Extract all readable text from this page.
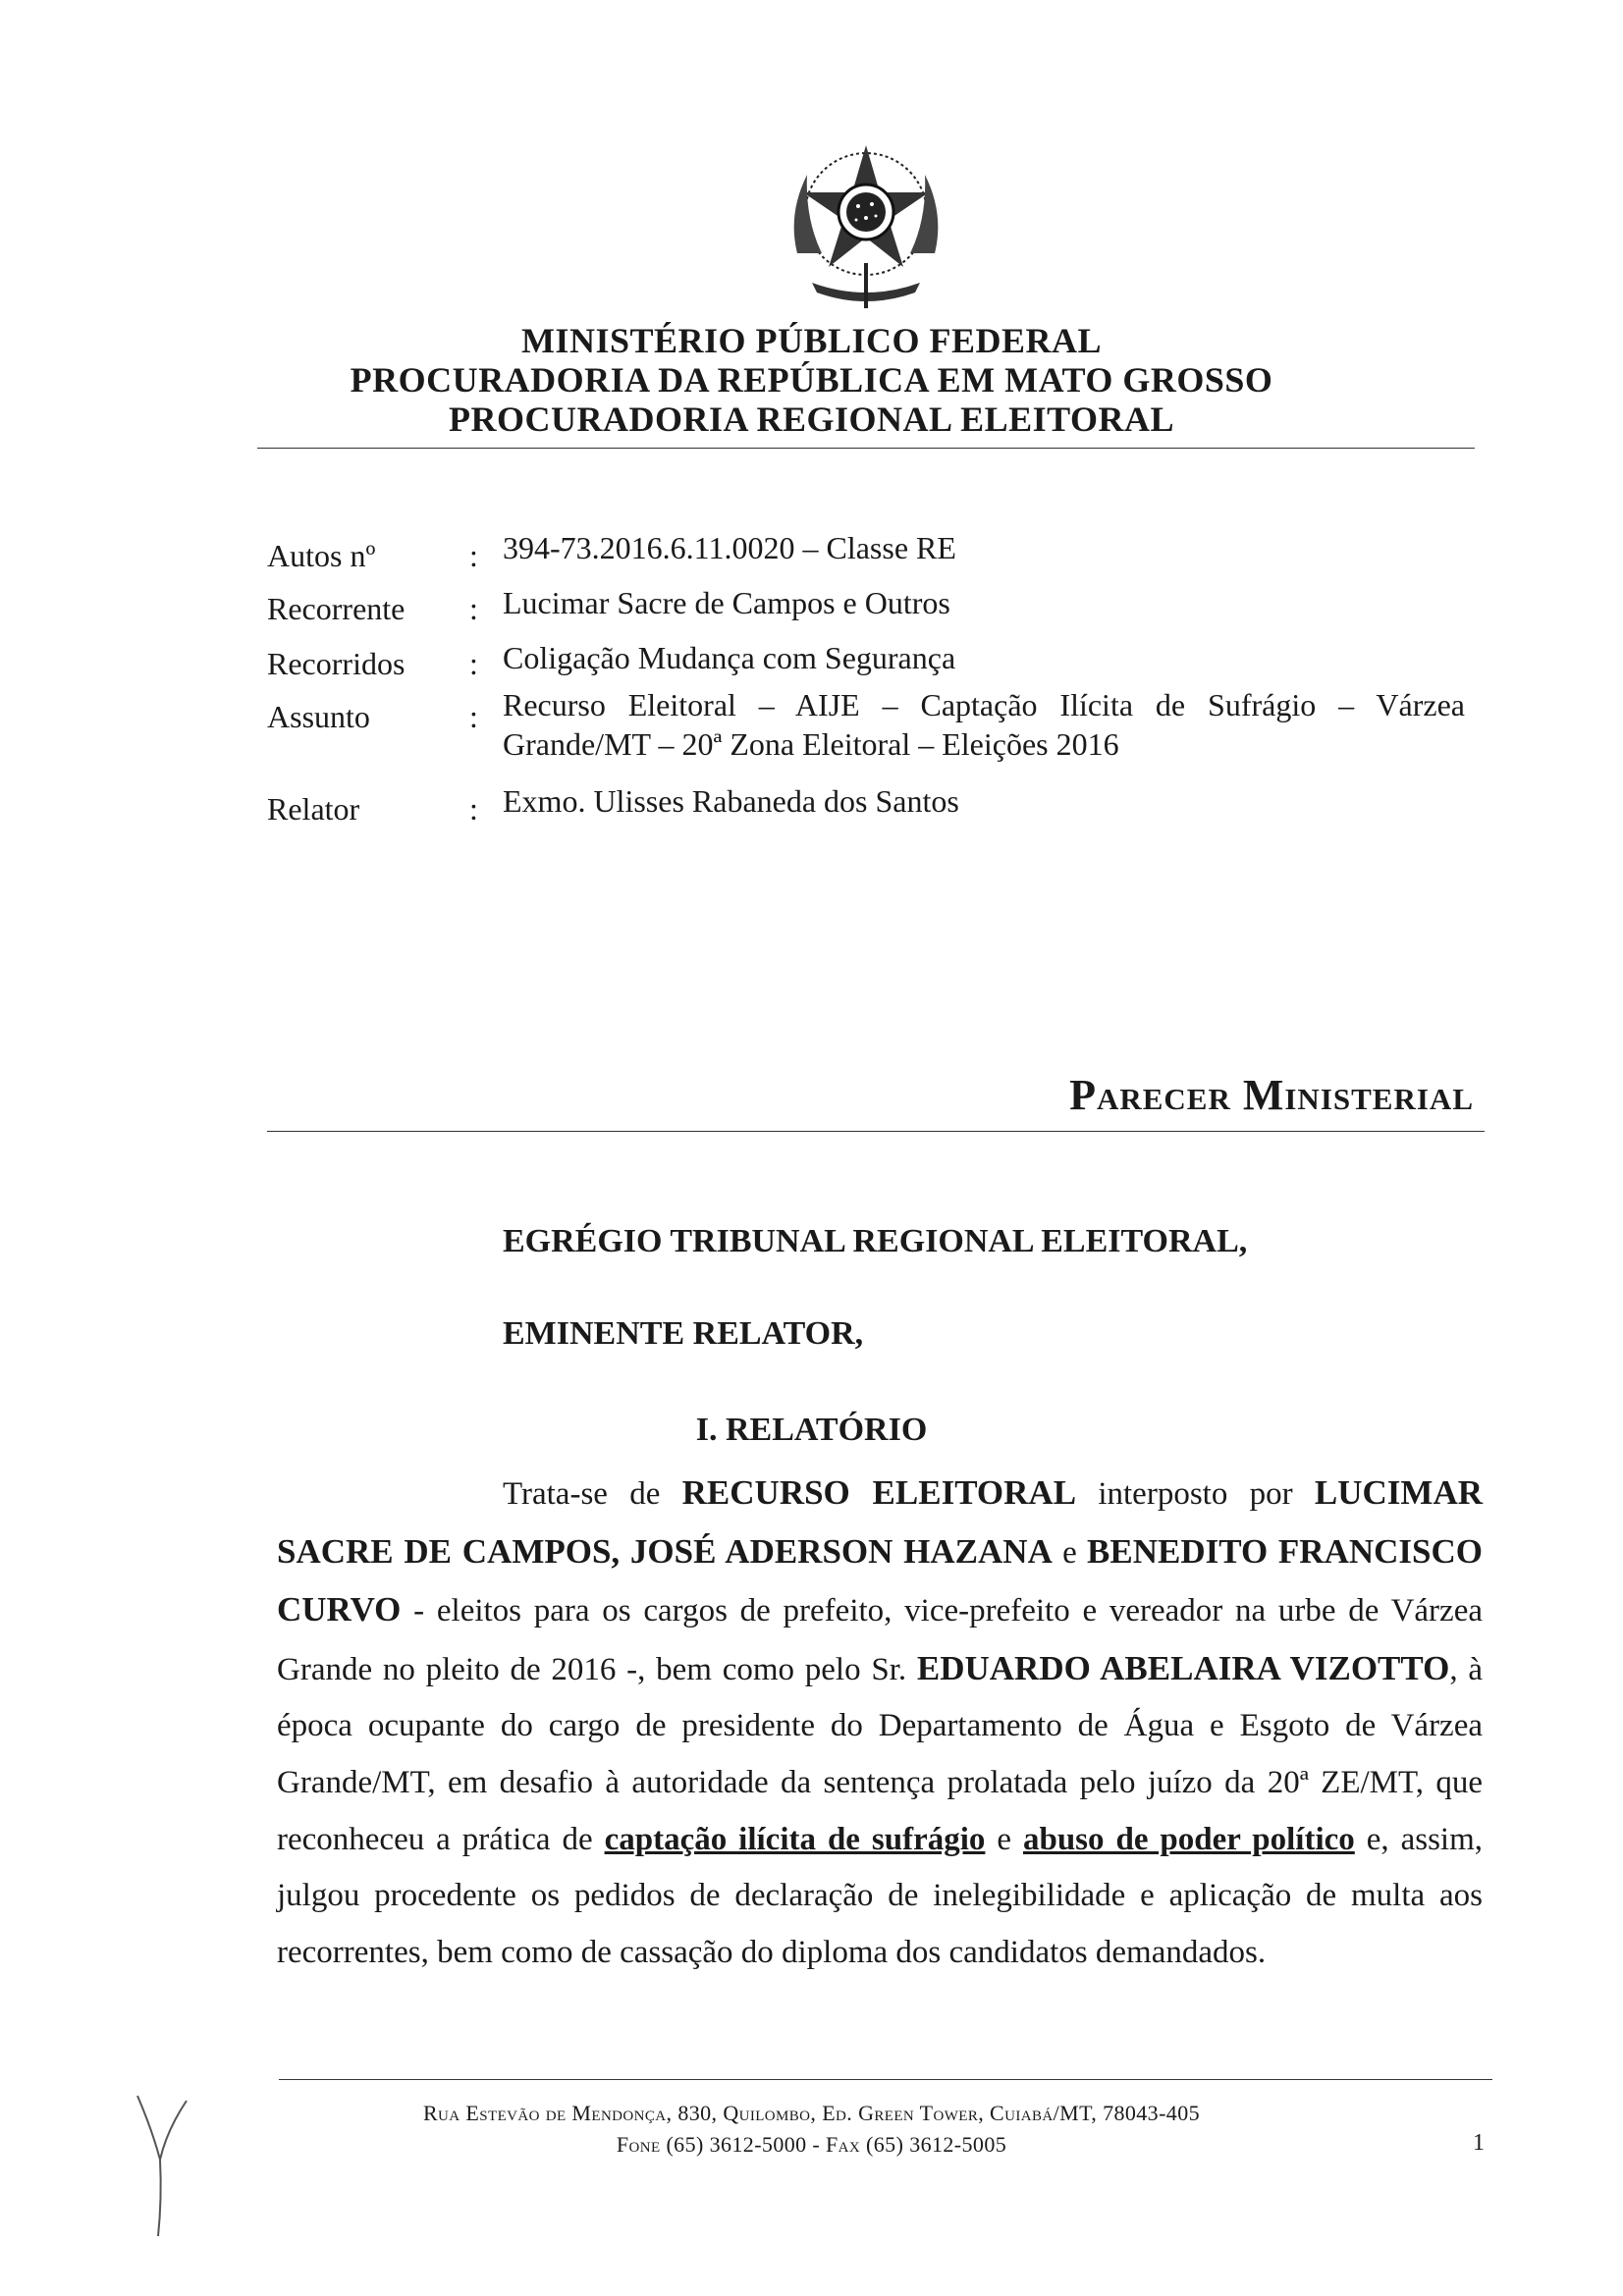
MINISTÉRIO PÚBLICO FEDERAL
PROCURADORIA DA REPÚBLICA EM MATO GROSSO
PROCURADORIA REGIONAL ELEITORAL
Autos nº	: 394-73.2016.6.11.0020 – Classe RE
Recorrente : Lucimar Sacre de Campos e Outros
Recorridos : Coligação Mudança com Segurança
Assunto	: Recurso Eleitoral – AIJE – Captação Ilícita de Sufrágio – Várzea
Grande/MT – 20ª Zona Eleitoral – Eleições 2016
Relator	: Exmo. Ulisses Rabaneda dos Santos
Parecer Ministerial
EGRÉGIO TRIBUNAL REGIONAL ELEITORAL,
EMINENTE RELATOR,
I. RELATÓRIO
Trata-se de RECURSO ELEITORAL interposto por LUCIMAR SACRE DE CAMPOS, JOSÉ ADERSON HAZANA e BENEDITO FRANCISCO CURVO - eleitos para os cargos de prefeito, vice-prefeito e vereador na urbe de Várzea Grande no pleito de 2016 -, bem como pelo Sr. EDUARDO ABELAIRA VIZOTTO, à época ocupante do cargo de presidente do Departamento de Água e Esgoto de Várzea Grande/MT, em desafio à autoridade da sentença prolatada pelo juízo da 20ª ZE/MT, que reconheceu a prática de captação ilícita de sufrágio e abuso de poder político e, assim, julgou procedente os pedidos de declaração de inelegibilidade e aplicação de multa aos recorrentes, bem como de cassação do diploma dos candidatos demandados.
Rua Estevão de Mendonça, 830, Quilombo, Ed. Green Tower, Cuiabá/MT, 78043-405
Fone (65) 3612-5000 - Fax (65) 3612-5005	1
